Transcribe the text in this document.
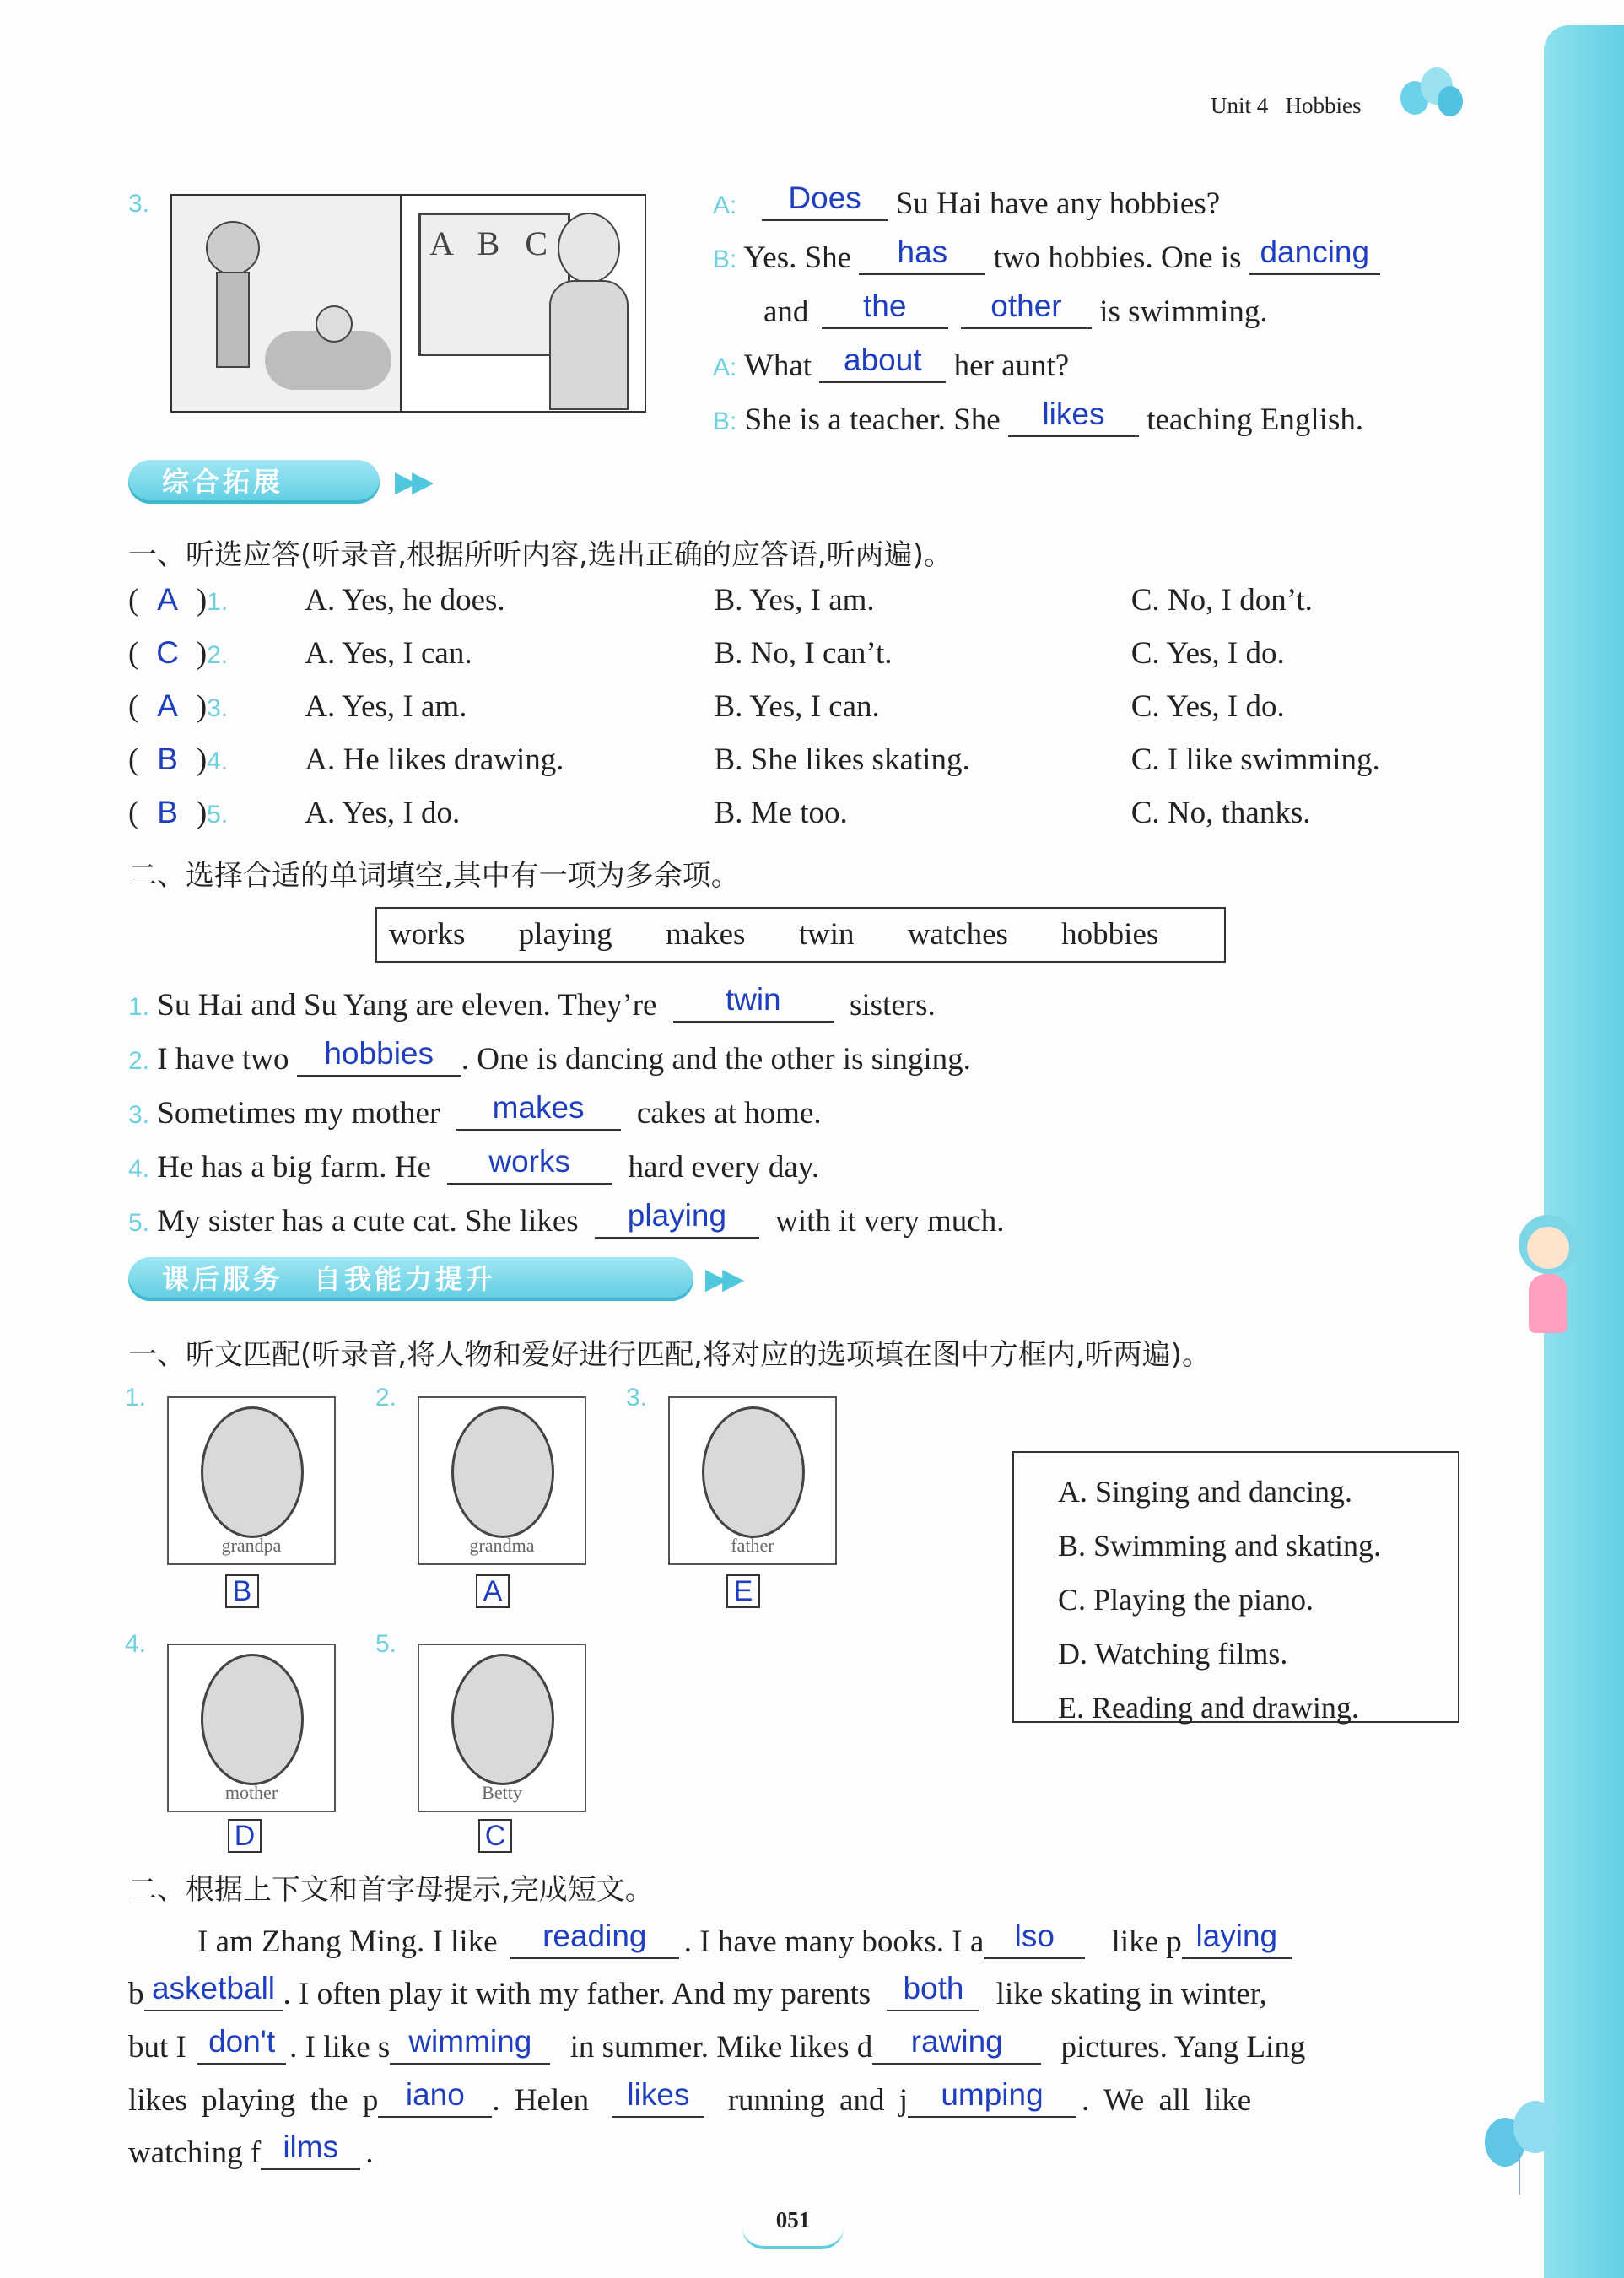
Unit 4 Hobbies
3.
A B C
A: Does Su Hai have any hobbies?
B: Yes. She has two hobbies. One is dancing
and the	other is swimming.
A: What about her aunt?
B: She is a teacher. She likes teaching English.
综合拓展	▶▶
一、听选应答(听录音,根据所听内容,选出正确的应答语,听两遍)。
( A )1. A. Yes, he does.	B. Yes, I am.	C. No, I don’t.
( C )2. A. Yes, I can.	B. No, I can’t.	C. Yes, I do.
( A )3. A. Yes, I am.	B. Yes, I can.	C. Yes, I do.
( B )4. A. He likes drawing.	B. She likes skating.	C. I like swimming.
( B )5. A. Yes, I do.	B. Me too.	C. No, thanks.
二、选择合适的单词填空,其中有一项为多余项。
works playing makes twin watches hobbies
1. Su Hai and Su Yang are eleven. They’re twin sisters.
2. I have two hobbies . One is dancing and the other is singing.
3. Sometimes my mother makes cakes at home.
4. He has a big farm. He works hard every day.
5. My sister has a cute cat. She likes playing with it very much.
课后服务　自我能力提升	▶▶
一、听文匹配(听录音,将人物和爱好进行匹配,将对应的选项填在图中方框内,听两遍)。
1.
grandpa
B
2.
grandma
A
3.
father
E
4.
mother
D
5.
Betty
C
A. Singing and dancing.
B. Swimming and skating.
C. Playing the piano.
D. Watching films.
E. Reading and drawing.
二、根据上下文和首字母提示,完成短文。
I am Zhang Ming. I like reading . I have many books. I a lso like p laying
b asketball . I often play it with my father. And my parents both like skating in winter,
but I don't . I like s wimming in summer. Mike likes d rawing pictures. Yang Ling
likes playing the p iano . Helen likes running and j umping . We all like
watching f ilms .
051
